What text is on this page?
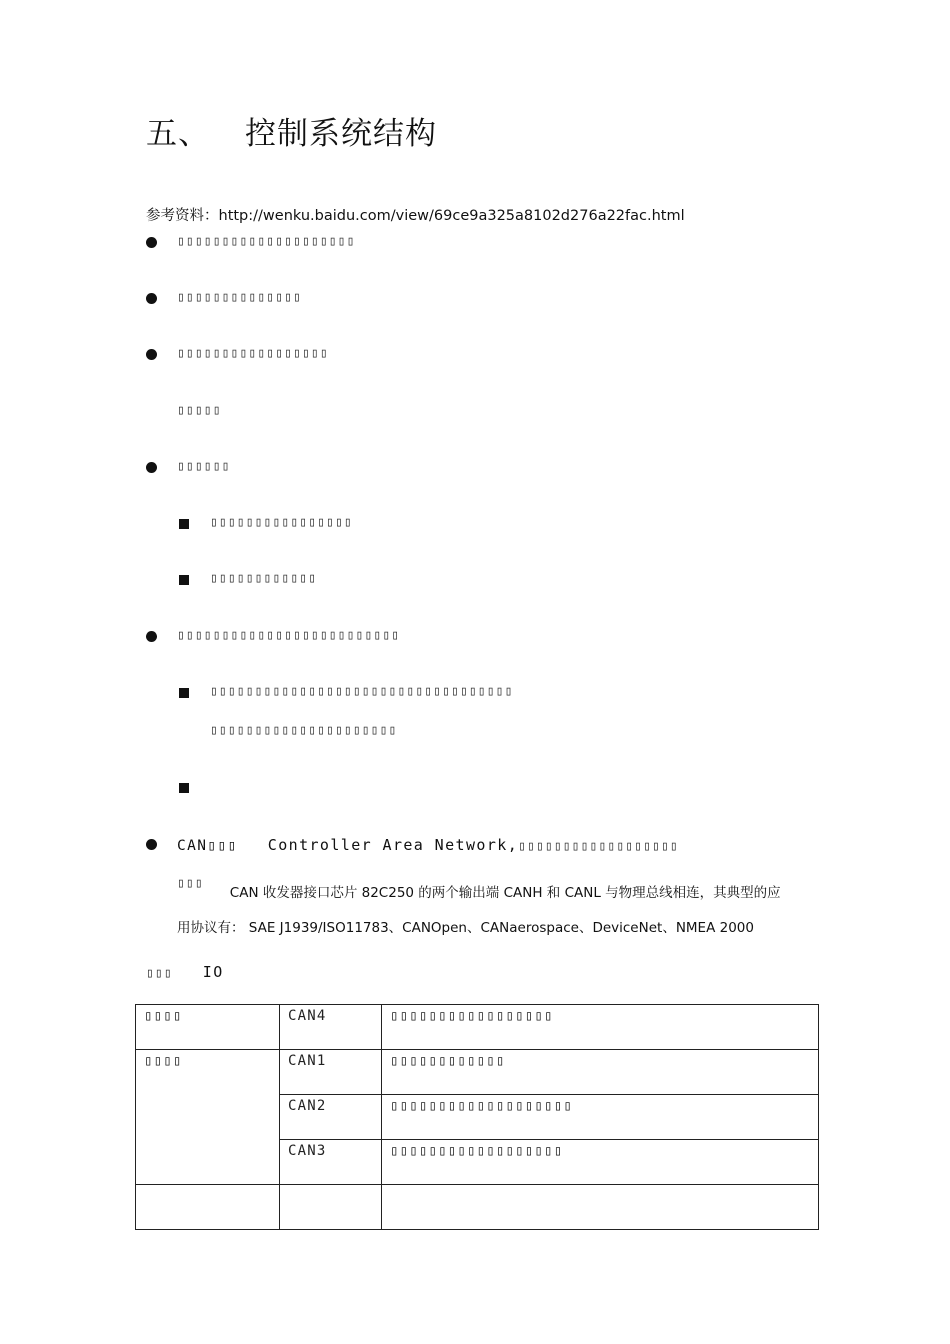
五、 控制系统结构
参考资料：http://wenku.baidu.com/view/69ce9a325a8102d276a22fac.html
▯▯▯▯▯▯▯▯▯▯▯▯▯▯▯▯▯▯▯▯
▯▯▯▯▯▯▯▯▯▯▯▯▯▯
▯▯▯▯▯▯▯▯▯▯▯▯▯▯▯▯▯
▯▯▯▯▯
▯▯▯▯▯▯
▯▯▯▯▯▯▯▯▯▯▯▯▯▯▯▯
▯▯▯▯▯▯▯▯▯▯▯▯
▯▯▯▯▯▯▯▯▯▯▯▯▯▯▯▯▯▯▯▯▯▯▯▯▯
▯▯▯▯▯▯▯▯▯▯▯▯▯▯▯▯▯▯▯▯▯▯▯▯▯▯▯▯▯▯▯▯▯▯
▯▯▯▯▯▯▯▯▯▯▯▯▯▯▯▯▯▯▯▯▯
CAN▯▯▯ Controller Area Network,▯▯▯▯▯▯▯▯▯▯▯▯▯▯▯▯▯▯
▯▯▯$_{CAN 收发器接口芯片 82C250 的两个输出端 CANH 和 CANL 与物理总线相连,其典型的应}$
用协议有： SAE J1939/ISO11783、CANOpen、CANaerospace、DeviceNet、NMEA 2000
▯▯▯ IO
▯▯▯▯	CAN4	▯▯▯▯▯▯▯▯▯▯▯▯▯▯▯▯▯
▯▯▯▯	CAN1	▯▯▯▯▯▯▯▯▯▯▯▯
	CAN2	▯▯▯▯▯▯▯▯▯▯▯▯▯▯▯▯▯▯▯
	CAN3	▯▯▯▯▯▯▯▯▯▯▯▯▯▯▯▯▯▯
